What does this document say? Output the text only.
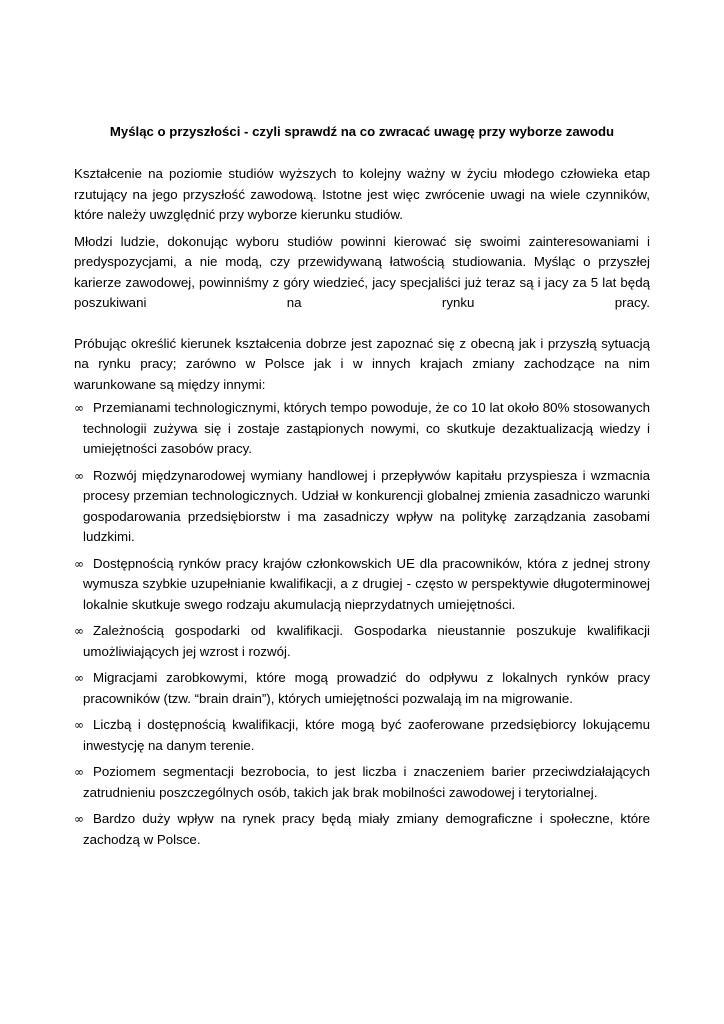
Myśląc o przyszłości - czyli sprawdź na co zwracać uwagę przy wyborze zawodu

Kształcenie na poziomie studiów wyższych to kolejny ważny w życiu młodego człowieka etap rzutujący na jego przyszłość zawodową. Istotne jest więc zwrócenie uwagi na wiele czynników, które należy uwzględnić przy wyborze kierunku studiów.

Młodzi ludzie, dokonując wyboru studiów powinni kierować się swoimi zainteresowaniami i predyspozycjami, a nie modą, czy przewidywaną łatwością studiowania. Myśląc o przyszłej karierze zawodowej, powinniśmy z góry wiedzieć, jacy specjaliści już teraz są i jacy za 5 lat będą poszukiwani na rynku pracy.

Próbując określić kierunek kształcenia dobrze jest zapoznać się z obecną jak i przyszłą sytuacją na rynku pracy; zarówno w Polsce jak i w innych krajach zmiany zachodzące na nim warunkowane są między innymi:

∞ Przemianami technologicznymi, których tempo powoduje, że co 10 lat około 80% stosowanych technologii zużywa się i zostaje zastąpionych nowymi, co skutkuje dezaktualizacją wiedzy i umiejętności zasobów pracy.
∞ Rozwój międzynarodowej wymiany handlowej i przepływów kapitału przyspiesza i wzmacnia procesy przemian technologicznych. Udział w konkurencji globalnej zmienia zasadniczo warunki gospodarowania przedsiębiorstw i ma zasadniczy wpływ na politykę zarządzania zasobami ludzkimi.
∞ Dostępnością rynków pracy krajów członkowskich UE dla pracowników, która z jednej strony wymusza szybkie uzupełnianie kwalifikacji, a z drugiej - często w perspektywie długoterminowej lokalnie skutkuje swego rodzaju akumulacją nieprzydatnych umiejętności.
∞ Zależnością gospodarki od kwalifikacji. Gospodarka nieustannie poszukuje kwalifikacji umożliwiających jej wzrost i rozwój.
∞ Migracjami zarobkowymi, które mogą prowadzić do odpływu z lokalnych rynków pracy pracowników (tzw. “brain drain”), których umiejętności pozwalają im na migrowanie.
∞ Liczbą i dostępnością kwalifikacji, które mogą być zaoferowane przedsiębiorcy lokującemu inwestycję na danym terenie.
∞ Poziomem segmentacji bezrobocia, to jest liczba i znaczeniem barier przeciwdziałających zatrudnieniu poszczególnych osób, takich jak brak mobilności zawodowej i terytorialnej.
∞ Bardzo duży wpływ na rynek pracy będą miały zmiany demograficzne i społeczne, które zachodzą w Polsce.
